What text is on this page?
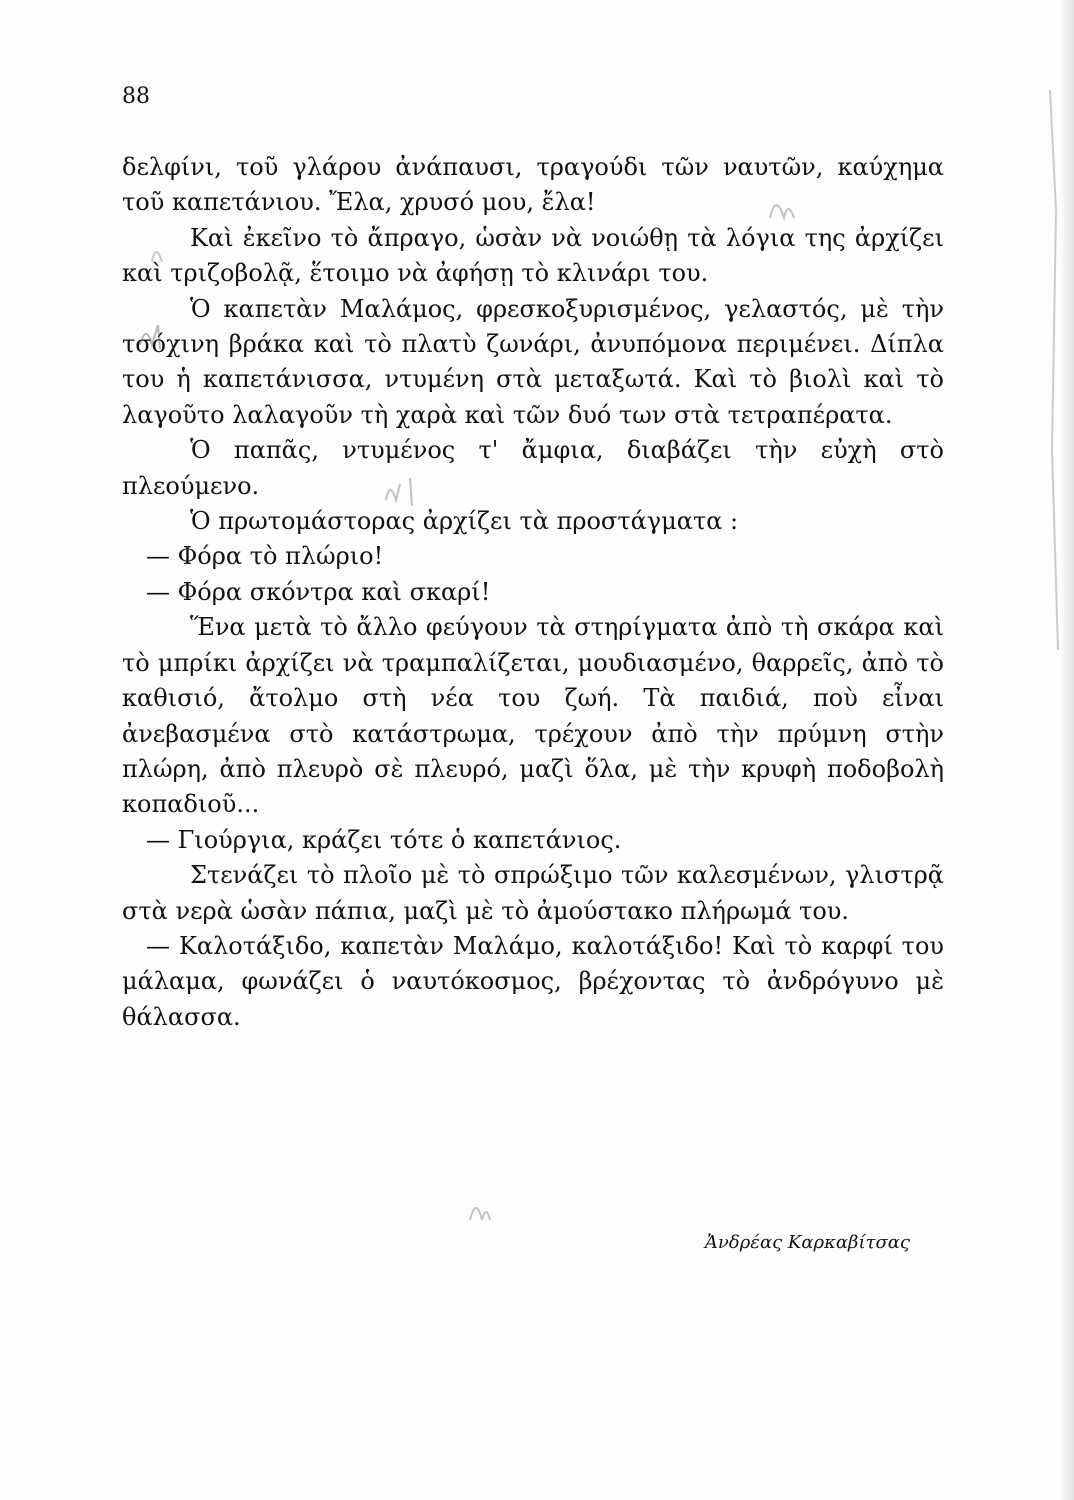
88

δελφίνι, τοῦ γλάρου ἀνάπαυσι, τραγούδι τῶν ναυτῶν, καύχημα τοῦ καπετάνιου. Ἔλα, χρυσό μου, ἔλα!

Καὶ ἐκεῖνο τὸ ἄπραγο, ὡσὰν νὰ νοιώθῃ τὰ λόγια της ἀρχίζει καὶ τριζοβολᾷ, ἕτοιμο νὰ ἀφήσῃ τὸ κλινάρι του.

Ὁ καπετὰν Μαλάμος, φρεσκοξυρισμένος, γελαστός, μὲ τὴν τσόχινη βράκα καὶ τὸ πλατὺ ζωνάρι, ἀνυπόμονα περιμένει. Δίπλα του ἡ καπετάνισσα, ντυμένη στὰ μεταξωτά. Καὶ τὸ βιολὶ καὶ τὸ λαγοῦτο λαλαγοῦν τὴ χαρὰ καὶ τῶν δυό των στὰ τετραπέρατα.

Ὁ παπᾶς, ντυμένος τ' ἄμφια, διαβάζει τὴν εὐχὴ στὸ πλεούμενο.

Ὁ πρωτομάστορας ἀρχίζει τὰ προστάγματα :

— Φόρα τὸ πλώριο!

— Φόρα σκόντρα καὶ σκαρί!

Ἕνα μετὰ τὸ ἄλλο φεύγουν τὰ στηρίγματα ἀπὸ τὴ σκάρα καὶ τὸ μπρίκι ἀρχίζει νὰ τραμπαλίζεται, μουδιασμένο, θαρρεῖς, ἀπὸ τὸ καθισιό, ἄτολμο στὴ νέα του ζωή. Τὰ παιδιά, ποὺ εἶναι ἀνεβασμένα στὸ κατάστρωμα, τρέχουν ἀπὸ τὴν πρύμνη στὴν πλώρη, ἀπὸ πλευρὸ σὲ πλευρό, μαζὶ ὅλα, μὲ τὴν κρυφὴ ποδοβολὴ κοπαδιοῦ...

— Γιούργια, κράζει τότε ὁ καπετάνιος.

Στενάζει τὸ πλοῖο μὲ τὸ σπρώξιμο τῶν καλεσμένων, γλιστρᾷ στὰ νερὰ ὡσὰν πάπια, μαζὶ μὲ τὸ ἀμούστακο πλήρωμά του.

— Καλοτάξιδο, καπετὰν Μαλάμο, καλοτάξιδο! Καὶ τὸ καρφί του μάλαμα, φωνάζει ὁ ναυτόκοσμος, βρέχοντας τὸ ἀνδρόγυνο μὲ θάλασσα.

Ἀνδρέας Καρκαβίτσας
